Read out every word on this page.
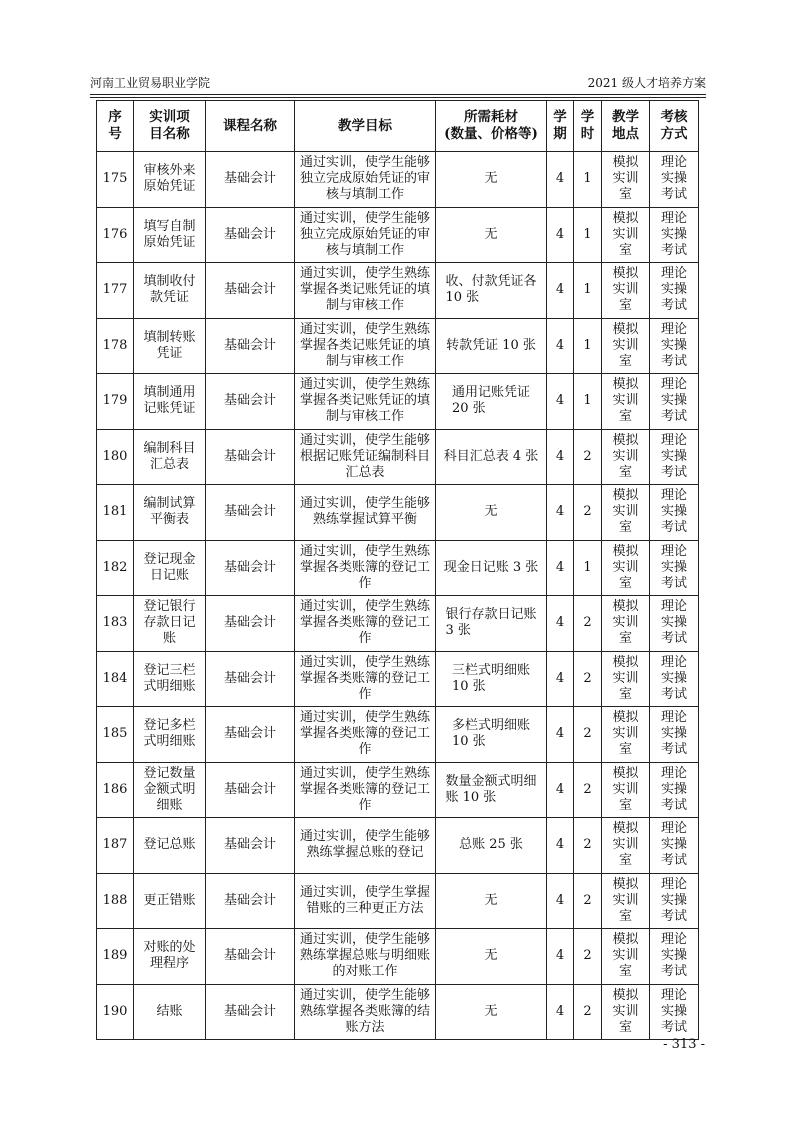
河南工业贸易职业学院	2021 级人才培养方案
序
号	实训项
目名称	课程名称	教学目标	所需耗材
(数量、价格等)	学
期	学
时	教学
地点	考核
方式
175	审核外来
原始凭证	基础会计	通过实训，使学生能够独立完成原始凭证的审核与填制工作	无	4	1	模拟
实训
室	理论
实操
考试
176	填写自制
原始凭证	基础会计	通过实训，使学生能够独立完成原始凭证的审核与填制工作	无	4	1	模拟
实训
室	理论
实操
考试
177	填制收付
款凭证	基础会计	通过实训，使学生熟练掌握各类记账凭证的填制与审核工作	收、付款凭证各
10 张	4	1	模拟
实训
室	理论
实操
考试
178	填制转账
凭证	基础会计	通过实训，使学生熟练掌握各类记账凭证的填制与审核工作	转款凭证 10 张	4	1	模拟
实训
室	理论
实操
考试
179	填制通用
记账凭证	基础会计	通过实训，使学生熟练掌握各类记账凭证的填制与审核工作	通用记账凭证
20 张	4	1	模拟
实训
室	理论
实操
考试
180	编制科目
汇总表	基础会计	通过实训，使学生能够根据记账凭证编制科目汇总表	科目汇总表 4 张	4	2	模拟
实训
室	理论
实操
考试
181	编制试算
平衡表	基础会计	通过实训，使学生能够熟练掌握试算平衡	无	4	2	模拟
实训
室	理论
实操
考试
182	登记现金
日记账	基础会计	通过实训，使学生熟练掌握各类账簿的登记工作	现金日记账 3 张	4	1	模拟
实训
室	理论
实操
考试
183	登记银行
存款日记
账	基础会计	通过实训，使学生熟练掌握各类账簿的登记工作	银行存款日记账
3 张	4	2	模拟
实训
室	理论
实操
考试
184	登记三栏
式明细账	基础会计	通过实训，使学生熟练掌握各类账簿的登记工作	三栏式明细账
10 张	4	2	模拟
实训
室	理论
实操
考试
185	登记多栏
式明细账	基础会计	通过实训，使学生熟练掌握各类账簿的登记工作	多栏式明细账
10 张	4	2	模拟
实训
室	理论
实操
考试
186	登记数量
金额式明
细账	基础会计	通过实训，使学生熟练掌握各类账簿的登记工作	数量金额式明细
账 10 张	4	2	模拟
实训
室	理论
实操
考试
187	登记总账	基础会计	通过实训，使学生能够熟练掌握总账的登记	总账 25 张	4	2	模拟
实训
室	理论
实操
考试
188	更正错账	基础会计	通过实训，使学生掌握错账的三种更正方法	无	4	2	模拟
实训
室	理论
实操
考试
189	对账的处
理程序	基础会计	通过实训，使学生能够熟练掌握总账与明细账的对账工作	无	4	2	模拟
实训
室	理论
实操
考试
190	结账	基础会计	通过实训，使学生能够熟练掌握各类账簿的结账方法	无	4	2	模拟
实训
室	理论
实操
考试
- 313 -
